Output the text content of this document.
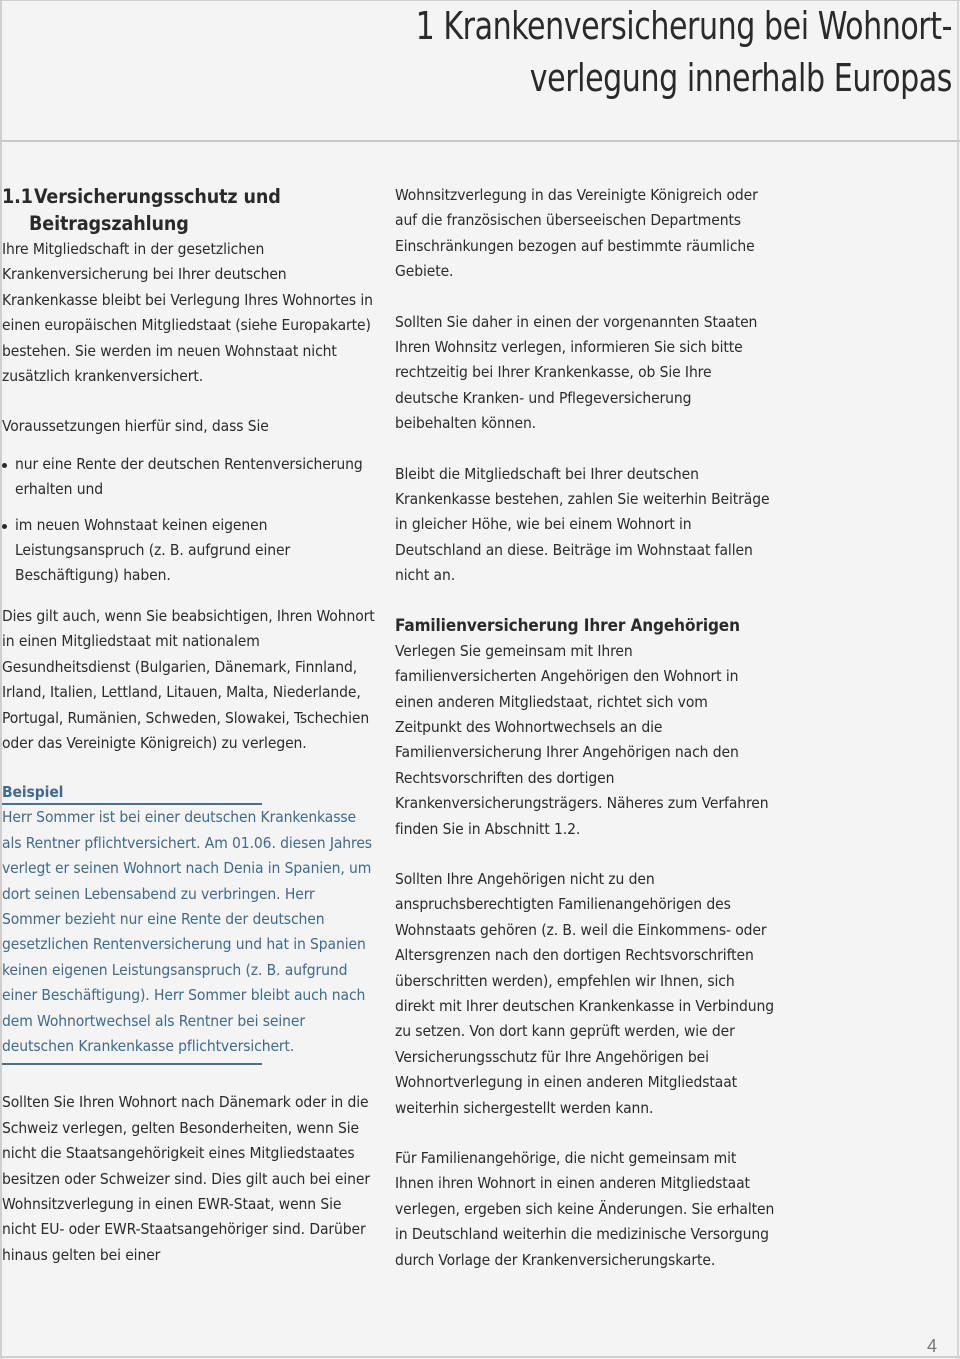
1 Krankenversicherung bei Wohnort-
verlegung innerhalb Europas
1.1 Versicherungsschutz und
Beitragszahlung

Ihre Mitgliedschaft in der gesetzlichen Krankenversicherung bei Ihrer deutschen Krankenkasse bleibt bei Verlegung Ihres Wohnortes in einen europäischen Mitgliedstaat (siehe Europakarte) bestehen. Sie werden im neuen Wohnstaat nicht zusätzlich krankenversichert.

Voraussetzungen hierfür sind, dass Sie

nur eine Rente der deutschen Rentenversicherung erhalten und
im neuen Wohnstaat keinen eigenen Leistungsanspruch (z. B. aufgrund einer Beschäftigung) haben.

Dies gilt auch, wenn Sie beabsichtigen, Ihren Wohnort in einen Mitgliedstaat mit nationalem Gesundheitsdienst (Bulgarien, Dänemark, Finnland, Irland, Italien, Lettland, Litauen, Malta, Niederlande, Portugal, Rumänien, Schweden, Slowakei, Tschechien oder das Vereinigte Königreich) zu verlegen.

Beispiel

Herr Sommer ist bei einer deutschen Krankenkasse als Rentner pflichtversichert. Am 01.06. diesen Jahres verlegt er seinen Wohnort nach Denia in Spanien, um dort seinen Lebensabend zu verbringen. Herr Sommer bezieht nur eine Rente der deutschen gesetzlichen Rentenversicherung und hat in Spanien keinen eigenen Leistungsanspruch (z. B. aufgrund einer Beschäftigung). Herr Sommer bleibt auch nach dem Wohnortwechsel als Rentner bei seiner deutschen Krankenkasse pflichtversichert.

Sollten Sie Ihren Wohnort nach Dänemark oder in die Schweiz verlegen, gelten Besonderheiten, wenn Sie nicht die Staatsangehörigkeit eines Mitgliedstaates besitzen oder Schweizer sind. Dies gilt auch bei einer Wohnsitzverlegung in einen EWR-Staat, wenn Sie nicht EU- oder EWR-Staatsangehöriger sind. Darüber hinaus gelten bei einer

Wohnsitzverlegung in das Vereinigte Königreich oder auf die französischen überseeischen Departments Einschränkungen bezogen auf bestimmte räumliche Gebiete.

Sollten Sie daher in einen der vorgenannten Staaten Ihren Wohnsitz verlegen, informieren Sie sich bitte rechtzeitig bei Ihrer Krankenkasse, ob Sie Ihre deutsche Kranken- und Pflegeversicherung beibehalten können.

Bleibt die Mitgliedschaft bei Ihrer deutschen Krankenkasse bestehen, zahlen Sie weiterhin Beiträge in gleicher Höhe, wie bei einem Wohnort in Deutschland an diese. Beiträge im Wohnstaat fallen nicht an.

Familienversicherung Ihrer Angehörigen

Verlegen Sie gemeinsam mit Ihren familienversicherten Angehörigen den Wohnort in einen anderen Mitgliedstaat, richtet sich vom Zeitpunkt des Wohnortwechsels an die Familienversicherung Ihrer Angehörigen nach den Rechtsvorschriften des dortigen Krankenversicherungsträgers. Näheres zum Verfahren finden Sie in Abschnitt 1.2.

Sollten Ihre Angehörigen nicht zu den anspruchsberechtigten Familienangehörigen des Wohnstaats gehören (z. B. weil die Einkommens- oder Altersgrenzen nach den dortigen Rechtsvorschriften überschritten werden), empfehlen wir Ihnen, sich direkt mit Ihrer deutschen Krankenkasse in Verbindung zu setzen. Von dort kann geprüft werden, wie der Versicherungsschutz für Ihre Angehörigen bei Wohnortverlegung in einen anderen Mitgliedstaat weiterhin sichergestellt werden kann.

Für Familienangehörige, die nicht gemeinsam mit Ihnen ihren Wohnort in einen anderen Mitgliedstaat verlegen, ergeben sich keine Änderungen. Sie erhalten in Deutschland weiterhin die medizinische Versorgung durch Vorlage der Krankenversicherungskarte.

4
